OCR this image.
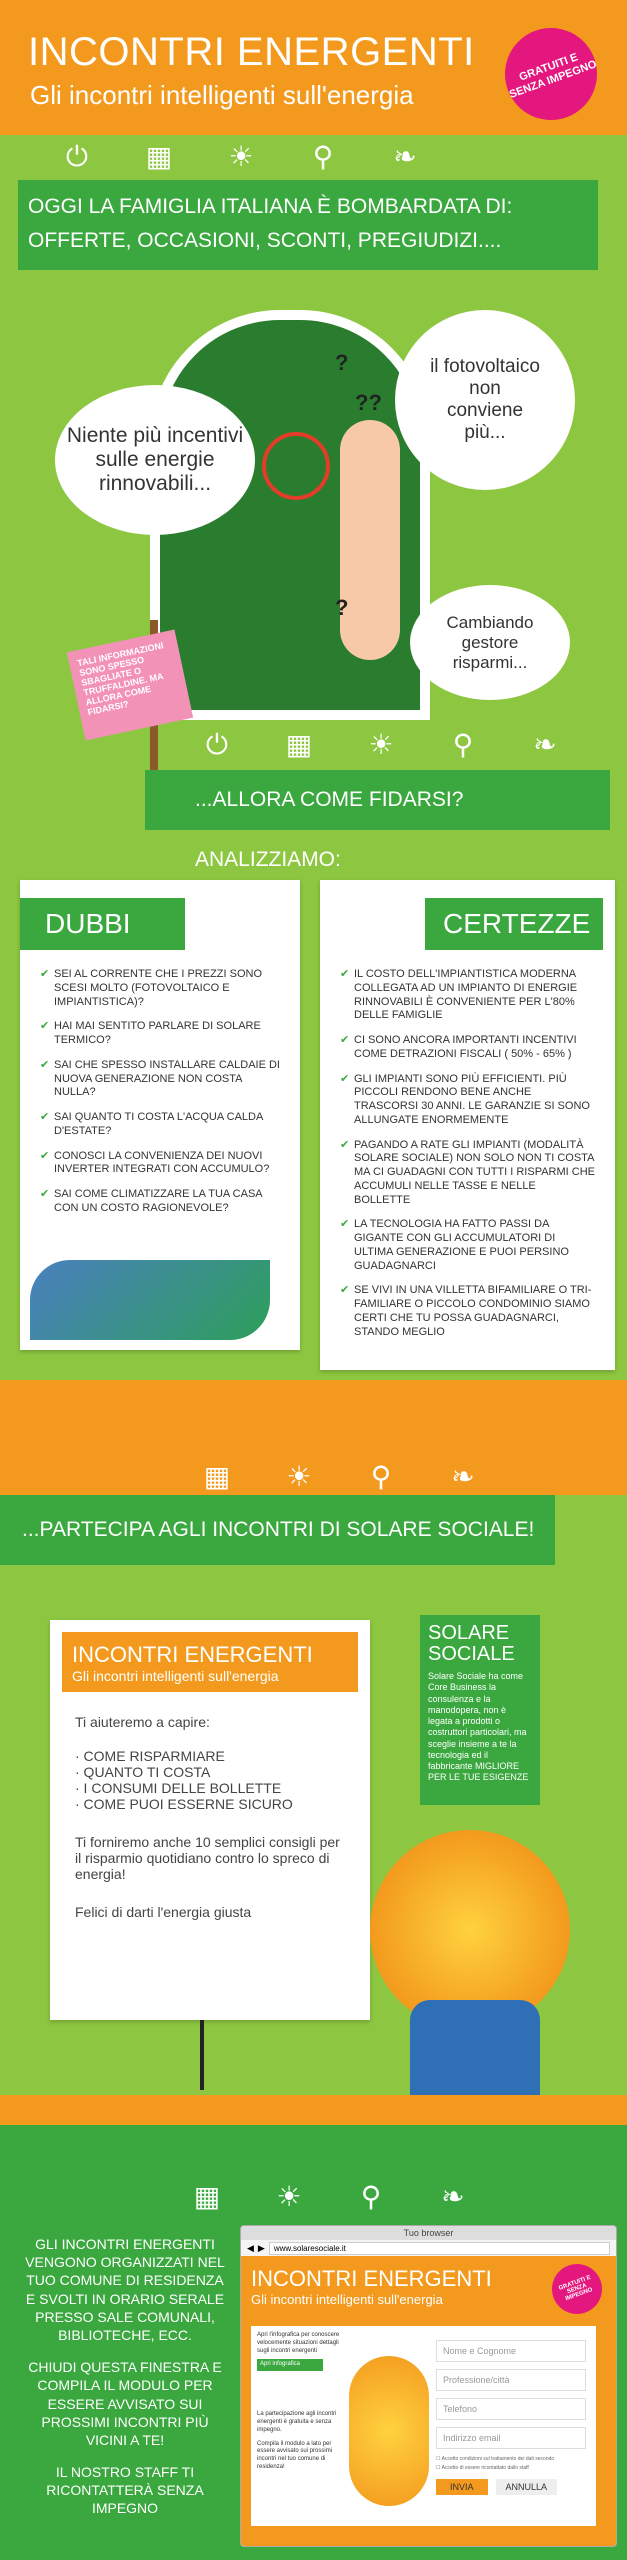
INCONTRI ENERGENTI
Gli incontri intelligenti sull'energia
GRATUITI E SENZA IMPEGNO
⏻ ▦ ☀ ⚲ ❧
OGGI LA FAMIGLIA ITALIANA È BOMBARDATA DI:
OFFERTE, OCCASIONI, SCONTI, PREGIUDIZI....
?
??
?
Niente più incentivi sulle energie rinnovabili...
il fotovoltaico non conviene più...
Cambiando gestore risparmi...
TALI INFORMAZIONI SONO SPESSO SBAGLIATE O TRUFFALDINE. MA ALLORA COME FIDARSI?
⏻ ▦ ☀ ⚲ ❧
...ALLORA COME FIDARSI? ANALIZZIAMO:
DUBBI
✔ SEI AL CORRENTE CHE I PREZZI SONO SCESI MOLTO (FOTOVOLTAICO E IMPIANTISTICA)?
✔ HAI MAI SENTITO PARLARE DI SOLARE TERMICO?
✔ SAI CHE SPESSO INSTALLARE CALDAIE DI NUOVA GENERAZIONE NON COSTA NULLA?
✔ SAI QUANTO TI COSTA L'ACQUA CALDA D'ESTATE?
✔ CONOSCI LA CONVENIENZA DEI NUOVI INVERTER INTEGRATI CON ACCUMULO?
✔ SAI COME CLIMATIZZARE LA TUA CASA CON UN COSTO RAGIONEVOLE?
CERTEZZE
✔ IL COSTO DELL'IMPIANTISTICA MODERNA COLLEGATA AD UN IMPIANTO DI ENERGIE RINNOVABILI È CONVENIENTE PER L'80% DELLE FAMIGLIE
✔ CI SONO ANCORA IMPORTANTI INCENTIVI COME DETRAZIONI FISCALI ( 50% - 65% )
✔ GLI IMPIANTI SONO PIÙ EFFICIENTI. PIÙ PICCOLI RENDONO BENE ANCHE TRASCORSI 30 ANNI. LE GARANZIE SI SONO ALLUNGATE ENORMEMENTE
✔ PAGANDO A RATE GLI IMPIANTI (MODALITÀ SOLARE SOCIALE) NON SOLO NON TI COSTA MA CI GUADAGNI CON TUTTI I RISPARMI CHE ACCUMULI NELLE TASSE E NELLE BOLLETTE
✔ LA TECNOLOGIA HA FATTO PASSI DA GIGANTE CON GLI ACCUMULATORI DI ULTIMA GENERAZIONE E PUOI PERSINO GUADAGNARCI
✔ SE VIVI IN UNA VILLETTA BIFAMILIARE O TRI-FAMILIARE O PICCOLO CONDOMINIO SIAMO CERTI CHE TU POSSA GUADAGNARCI, STANDO MEGLIO
▦ ☀ ⚲ ❧
...PARTECIPA AGLI INCONTRI DI SOLARE SOCIALE!
INCONTRI ENERGENTI
Gli incontri intelligenti sull'energia
Ti aiuteremo a capire:
· COME RISPARMIARE
· QUANTO TI COSTA
· I CONSUMI DELLE BOLLETTE
· COME PUOI ESSERNE SICURO
Ti forniremo anche 10 semplici consigli per il risparmio quotidiano contro lo spreco di energia!
Felici di darti l'energia giusta
SOLARE SOCIALE
Solare Sociale ha come Core Business la consulenza e la manodopera, non è legata a prodotti o costruttori particolari, ma sceglie insieme a te la tecnologia ed il fabbricante MIGLIORE PER LE TUE ESIGENZE
▦ ☀ ⚲ ❧
GLI INCONTRI ENERGENTI VENGONO ORGANIZZATI NEL TUO COMUNE DI RESIDENZA E SVOLTI IN ORARIO SERALE PRESSO SALE COMUNALI, BIBLIOTECHE, ECC.
CHIUDI QUESTA FINESTRA E COMPILA IL MODULO PER ESSERE AVVISATO SUI PROSSIMI INCONTRI PIÙ VICINI A TE!
IL NOSTRO STAFF TI RICONTATTERÀ SENZA IMPEGNO
Tuo browser
◀ ▶	www.solaresociale.it
INCONTRI ENERGENTI
Gli incontri intelligenti sull'energia
GRATUITI E SENZA IMPEGNO
Apri l'infografica per conoscere velocemente situazioni dettagli sugli incontri energenti
Apri infografica
La partecipazione agli incontri energenti è gratuita e senza impegno.
Compila il modulo a lato per essere avvisato sui prossimi incontri nel tuo comune di residenza!
Nome e Cognome
Professione/città
Telefono
Indirizzo email
☐ Accetto condizioni sul trattamento dei dati secondo
☐ Accetto di essere ricontattato dallo staff
INVIA	ANNULLA
